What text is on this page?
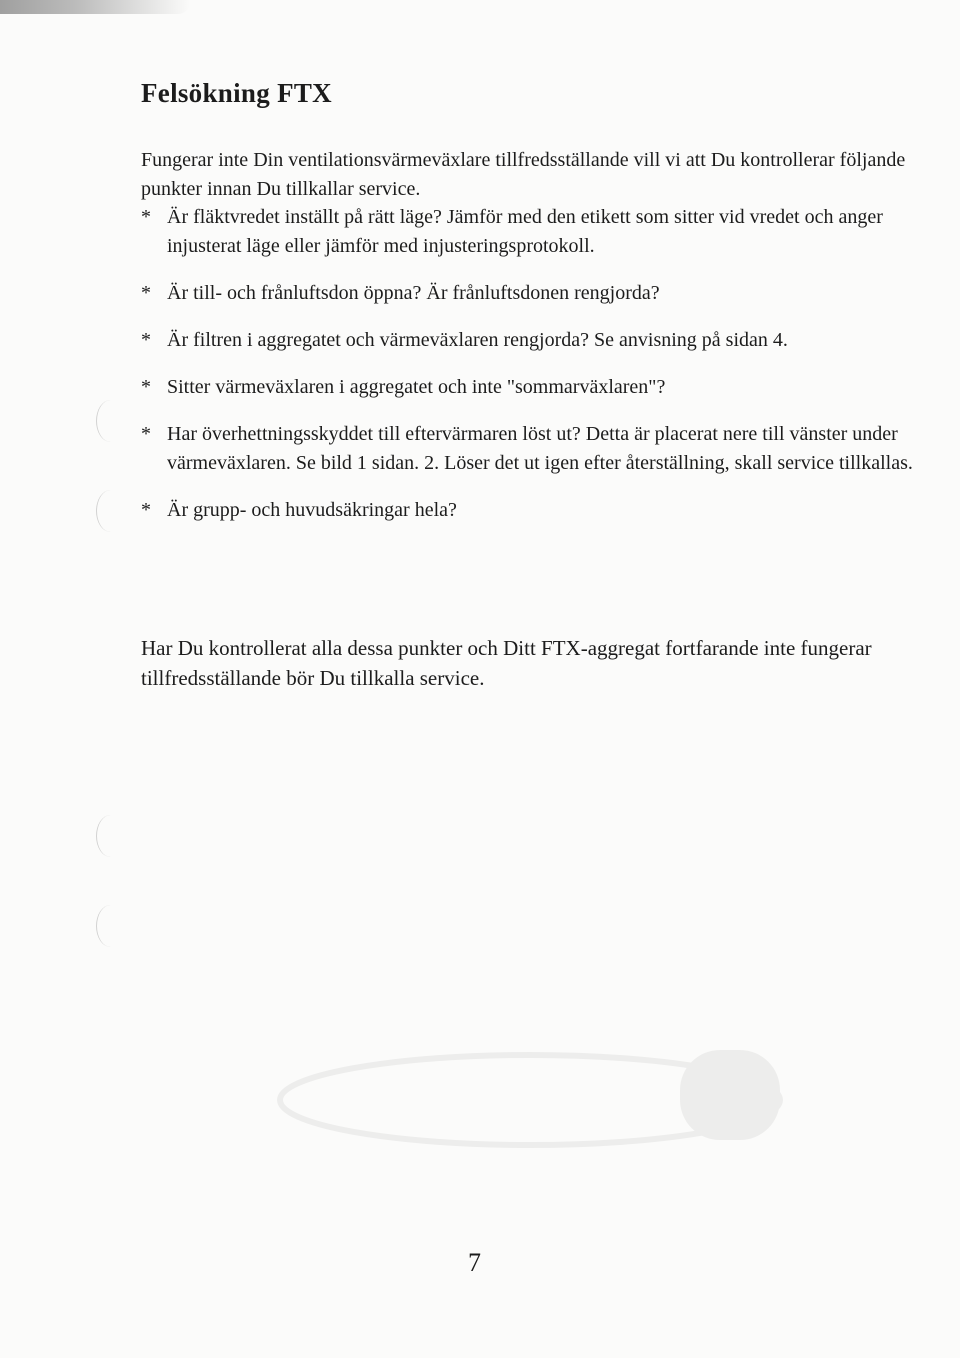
Felsökning FTX

Fungerar inte Din ventilationsvärmeväxlare tillfredsställande vill vi att Du kontrollerar följande punkter innan Du tillkallar service.

* Är fläktvredet inställt på rätt läge? Jämför med den etikett som sitter vid vredet och anger injusterat läge eller jämför med injusteringsprotokoll.
* Är till- och frånluftsdon öppna? Är frånluftsdonen rengjorda?
* Är filtren i aggregatet och värmeväxlaren rengjorda? Se anvisning på sidan 4.
* Sitter värmeväxlaren i aggregatet och inte "sommarväxlaren"?
* Har överhettningsskyddet till eftervärmaren löst ut? Detta är placerat nere till vänster under värmeväxlaren. Se bild 1 sidan. 2. Löser det ut igen efter återställning, skall service tillkallas.
* Är grupp- och huvudsäkringar hela?

Har Du kontrollerat alla dessa punkter och Ditt FTX-aggregat fortfarande inte fungerar tillfredsställande bör Du tillkalla service.

7
